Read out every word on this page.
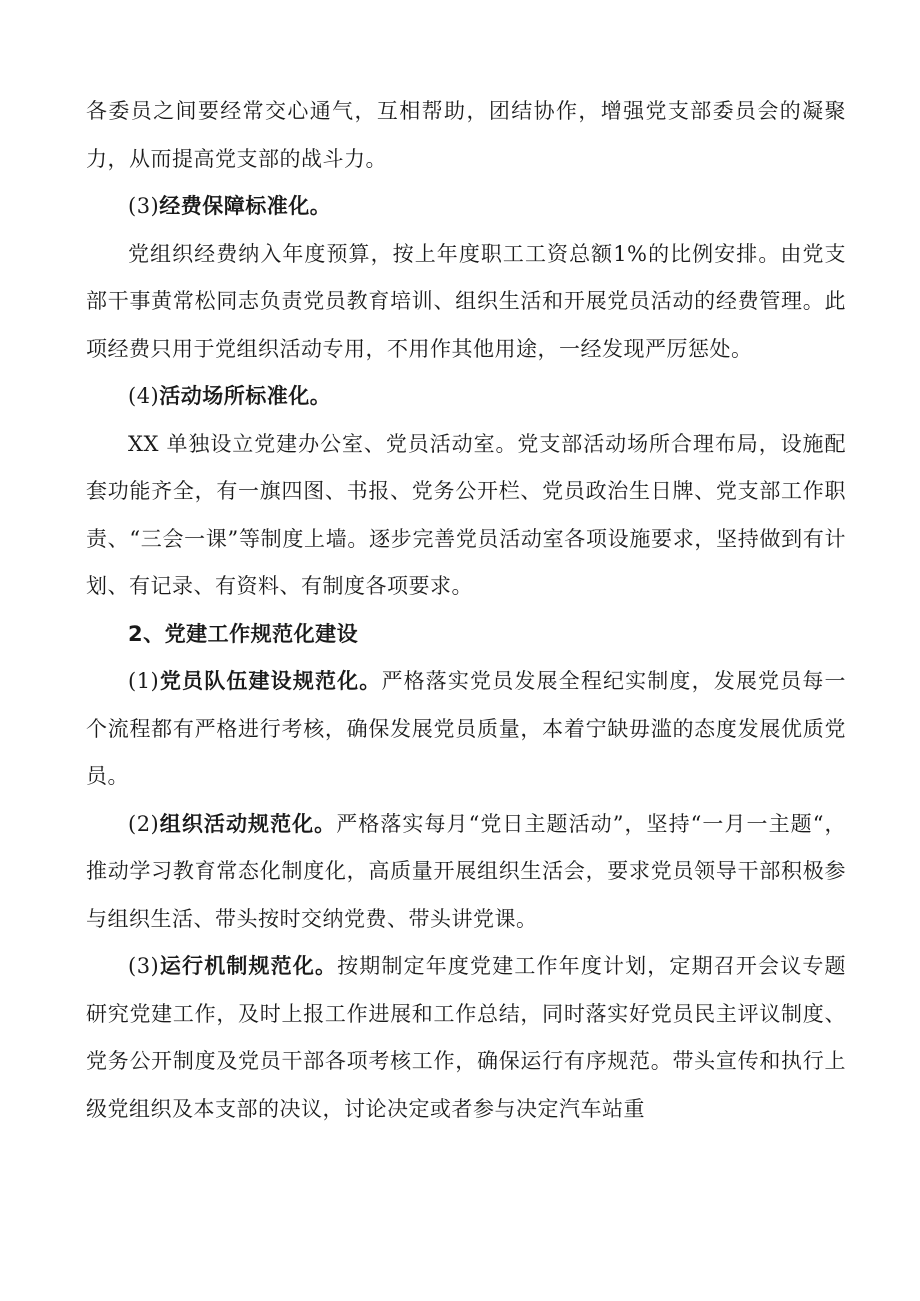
各委员之间要经常交心通气，互相帮助，团结协作，增强党支部委员会的凝聚力，从而提高党支部的战斗力。

(3)经费保障标准化。

党组织经费纳入年度预算，按上年度职工工资总额1%的比例安排。由党支部干事黄常松同志负责党员教育培训、组织生活和开展党员活动的经费管理。此项经费只用于党组织活动专用，不用作其他用途，一经发现严厉惩处。

(4)活动场所标准化。

XX 单独设立党建办公室、党员活动室。党支部活动场所合理布局，设施配套功能齐全，有一旗四图、书报、党务公开栏、党员政治生日牌、党支部工作职责、“三会一课”等制度上墙。逐步完善党员活动室各项设施要求，坚持做到有计划、有记录、有资料、有制度各项要求。

2、党建工作规范化建设

(1)党员队伍建设规范化。严格落实党员发展全程纪实制度，发展党员每一个流程都有严格进行考核，确保发展党员质量，本着宁缺毋滥的态度发展优质党员。

(2)组织活动规范化。严格落实每月“党日主题活动”，坚持“一月一主题“，推动学习教育常态化制度化，高质量开展组织生活会，要求党员领导干部积极参与组织生活、带头按时交纳党费、带头讲党课。

(3)运行机制规范化。按期制定年度党建工作年度计划，定期召开会议专题研究党建工作，及时上报工作进展和工作总结，同时落实好党员民主评议制度、党务公开制度及党员干部各项考核工作，确保运行有序规范。带头宣传和执行上级党组织及本支部的决议，讨论决定或者参与决定汽车站重
